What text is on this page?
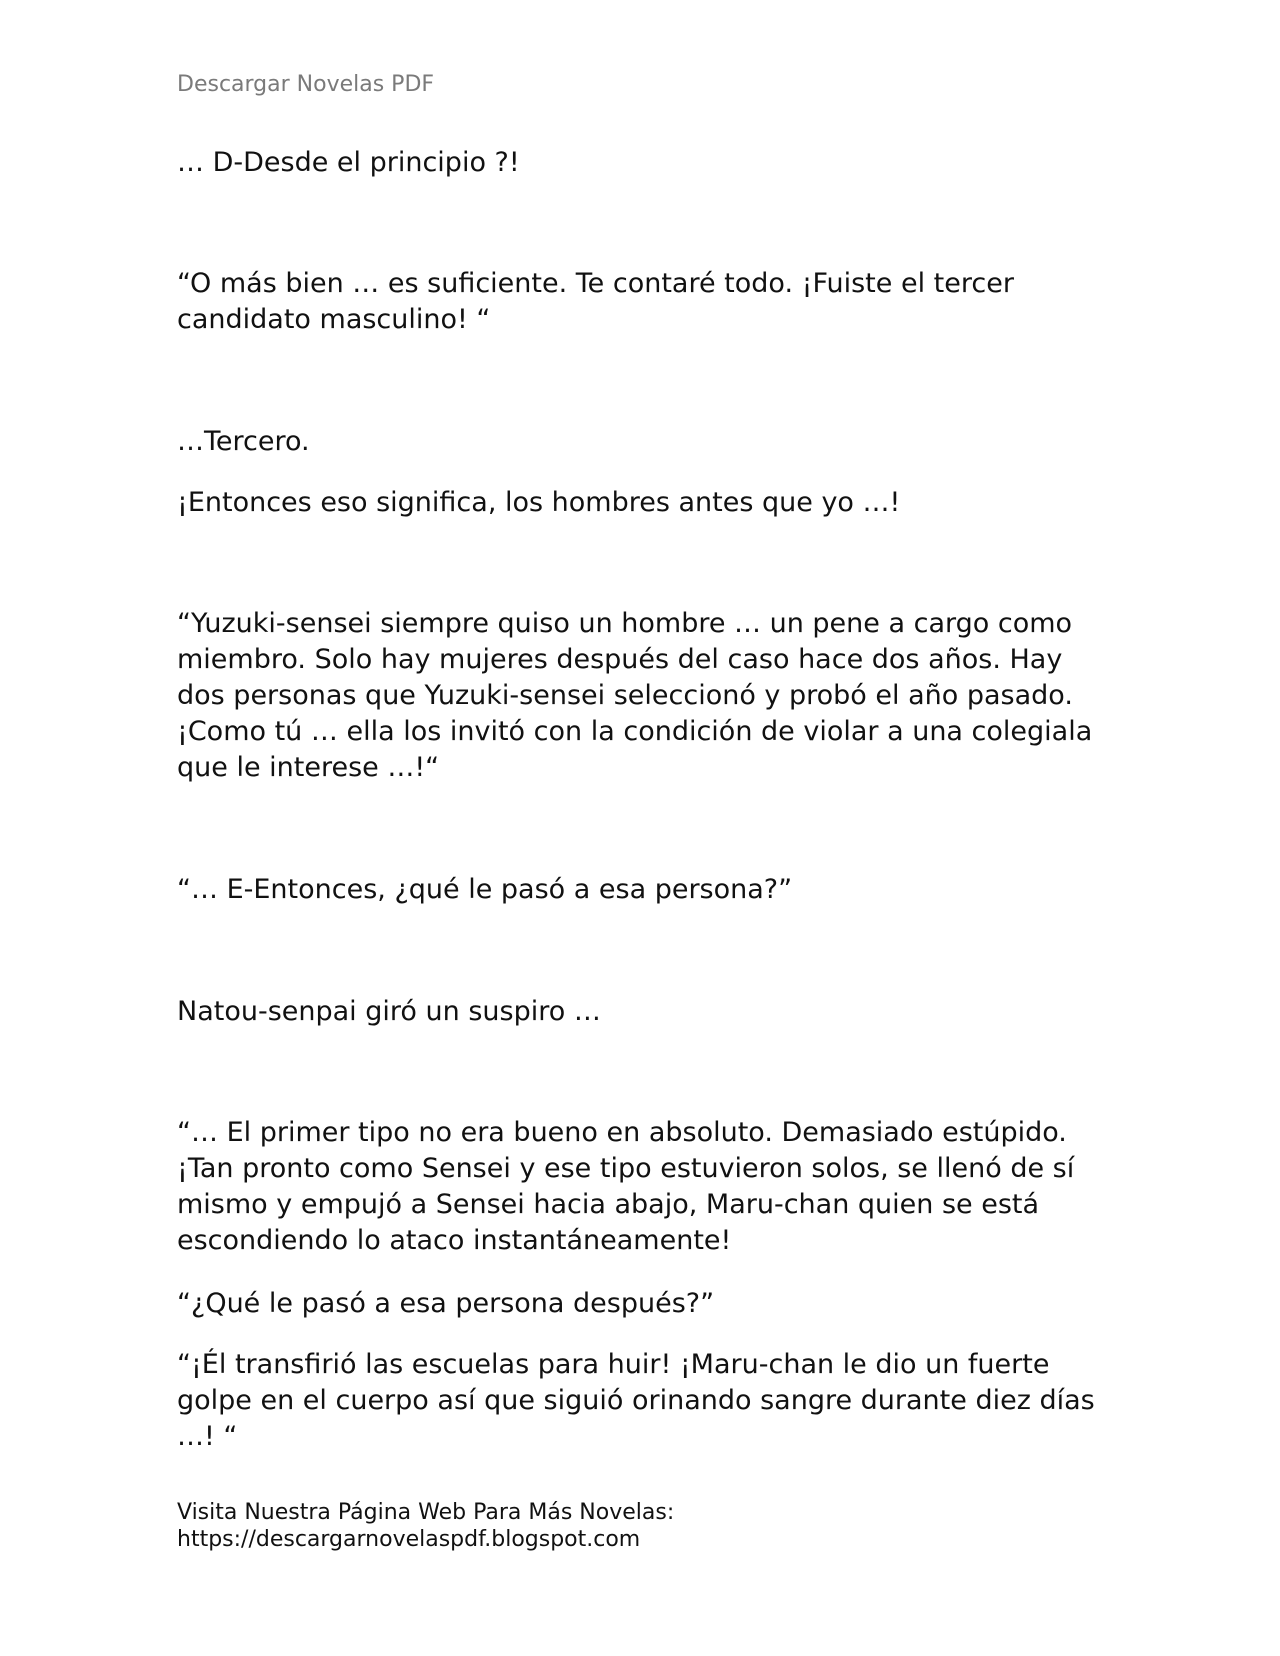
Descargar Novelas PDF

… D-Desde el principio ?!

“O más bien … es suficiente. Te contaré todo. ¡Fuiste el tercer candidato masculino! “

…Tercero.

¡Entonces eso significa, los hombres antes que yo …!

“Yuzuki-sensei siempre quiso un hombre … un pene a cargo como miembro. Solo hay mujeres después del caso hace dos años. Hay dos personas que Yuzuki-sensei seleccionó y probó el año pasado. ¡Como tú … ella los invitó con la condición de violar a una colegiala que le interese …!“

“… E-Entonces, ¿qué le pasó a esa persona?”

Natou-senpai giró un suspiro …

“… El primer tipo no era bueno en absoluto. Demasiado estúpido. ¡Tan pronto como Sensei y ese tipo estuvieron solos, se llenó de sí mismo y empujó a Sensei hacia abajo, Maru-chan quien se está escondiendo lo ataco instantáneamente!

“¿Qué le pasó a esa persona después?”

“¡Él transfirió las escuelas para huir! ¡Maru-chan le dio un fuerte golpe en el cuerpo así que siguió orinando sangre durante diez días …! “

Visita Nuestra Página Web Para Más Novelas:
https://descargarnovelaspdf.blogspot.com
